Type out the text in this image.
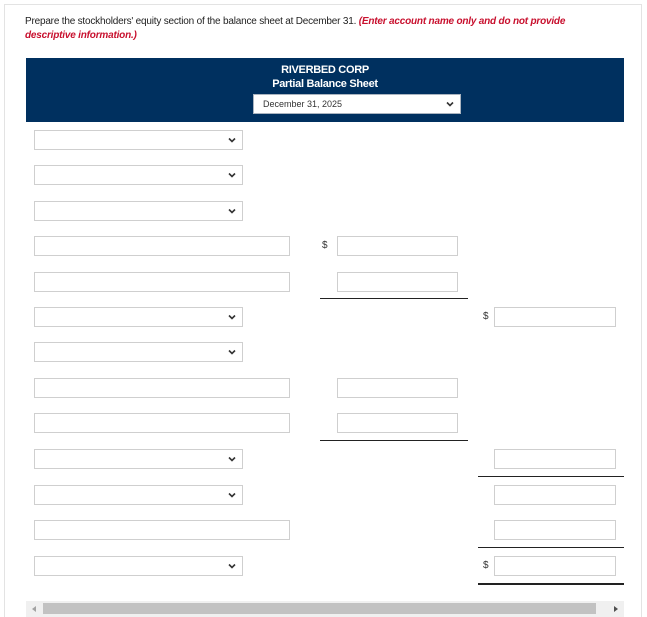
Prepare the stockholders' equity section of the balance sheet at December 31. (Enter account name only and do not provide descriptive information.)
RIVERBED CORP
Partial Balance Sheet
December 31, 2025
$
$
$
